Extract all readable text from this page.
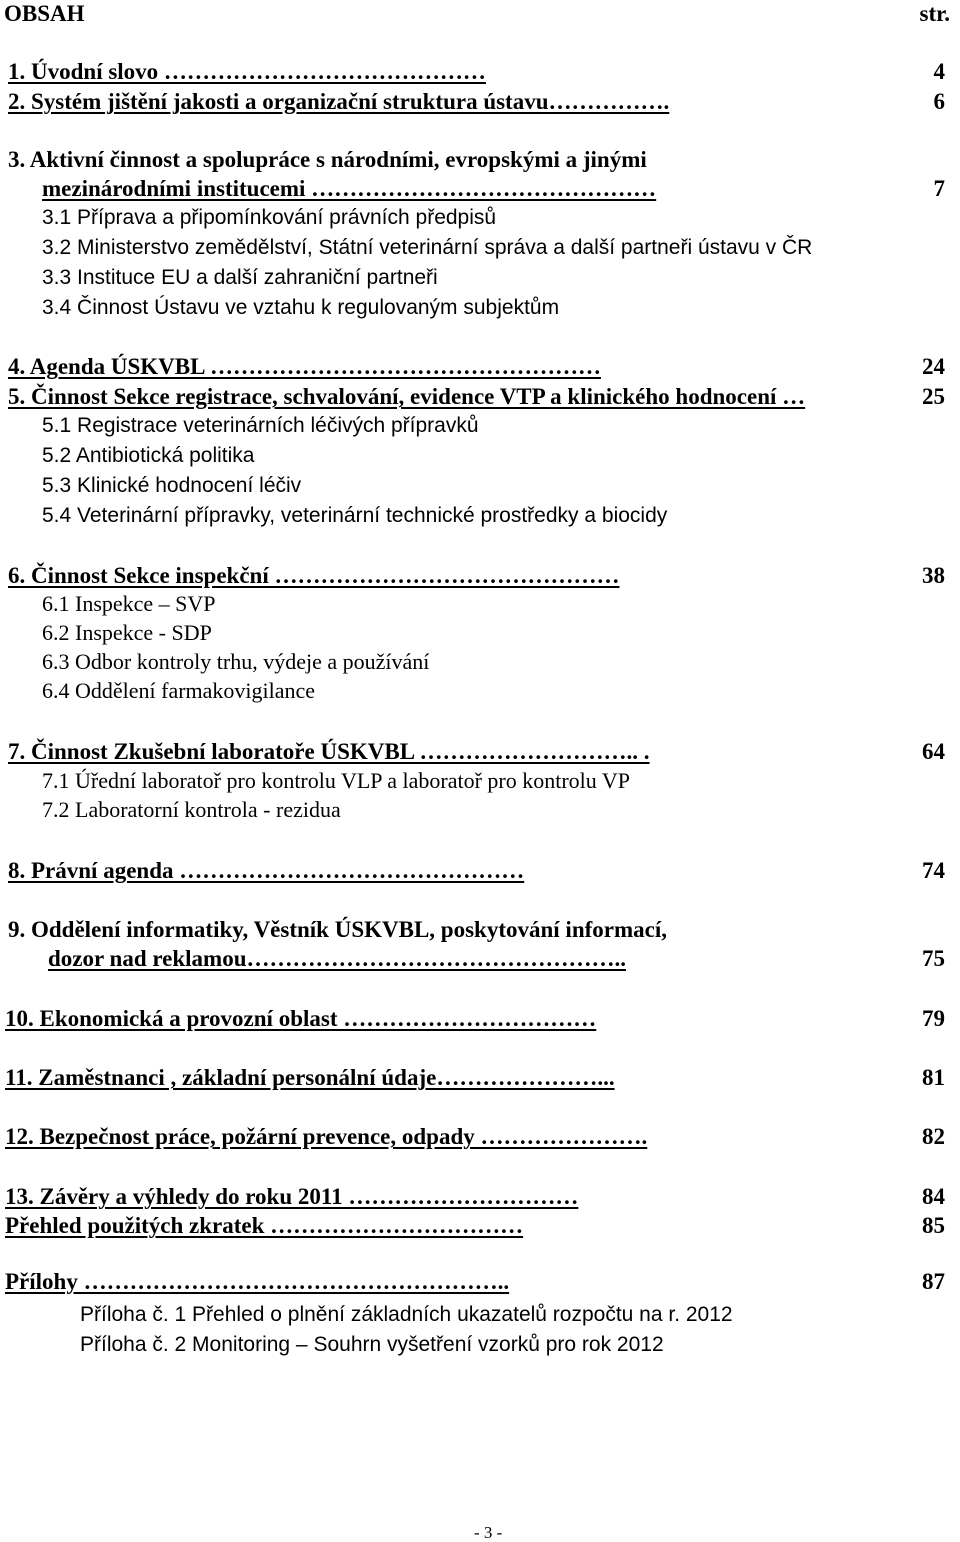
OBSAH	str.
1. Úvodní slovo ……………………………………	4
2. Systém jištění jakosti a organizační struktura ústavu…………….	6
3. Aktivní činnost a spolupráce s národními, evropskými a jinými
mezinárodními institucemi ………………………………………	7
3.1 Příprava a připomínkování právních předpisů
3.2 Ministerstvo zemědělství, Státní veterinární správa a další partneři ústavu v ČR
3.3 Instituce EU a další zahraniční partneři
3.4 Činnost Ústavu ve vztahu k regulovaným subjektům
4. Agenda ÚSKVBL ……………………………………………	24
5. Činnost Sekce registrace, schvalování, evidence VTP a klinického hodnocení …	25
5.1 Registrace veterinárních léčivých přípravků
5.2 Antibiotická politika
5.3 Klinické hodnocení léčiv
5.4 Veterinární přípravky, veterinární technické prostředky a biocidy
6. Činnost Sekce inspekční ………………………………………	38
6.1 Inspekce – SVP
6.2 Inspekce - SDP
6.3 Odbor kontroly trhu, výdeje a používání
6.4 Oddělení farmakovigilance
7. Činnost Zkušební laboratoře ÚSKVBL ……………………….. .	64
7.1 Úřední laboratoř pro kontrolu VLP a laboratoř pro kontrolu VP
7.2 Laboratorní kontrola - rezidua
8. Právní agenda ………………………………………	74
9. Oddělení informatiky, Věstník ÚSKVBL, poskytování informací,
dozor nad reklamou…………………………………………..	75
10. Ekonomická a provozní oblast ……………………………	79
11. Zaměstnanci , základní personální údaje…………………...	81
12. Bezpečnost práce, požární prevence, odpady ………………….	82
13. Závěry a výhledy do roku 2011 …………………………	84
Přehled použitých zkratek ……………………………	85
Přílohy ………………………………………………..	87
Příloha č. 1 Přehled o plnění základních ukazatelů rozpočtu na r. 2012
Příloha č. 2 Monitoring – Souhrn vyšetření vzorků pro rok 2012
- 3 -
